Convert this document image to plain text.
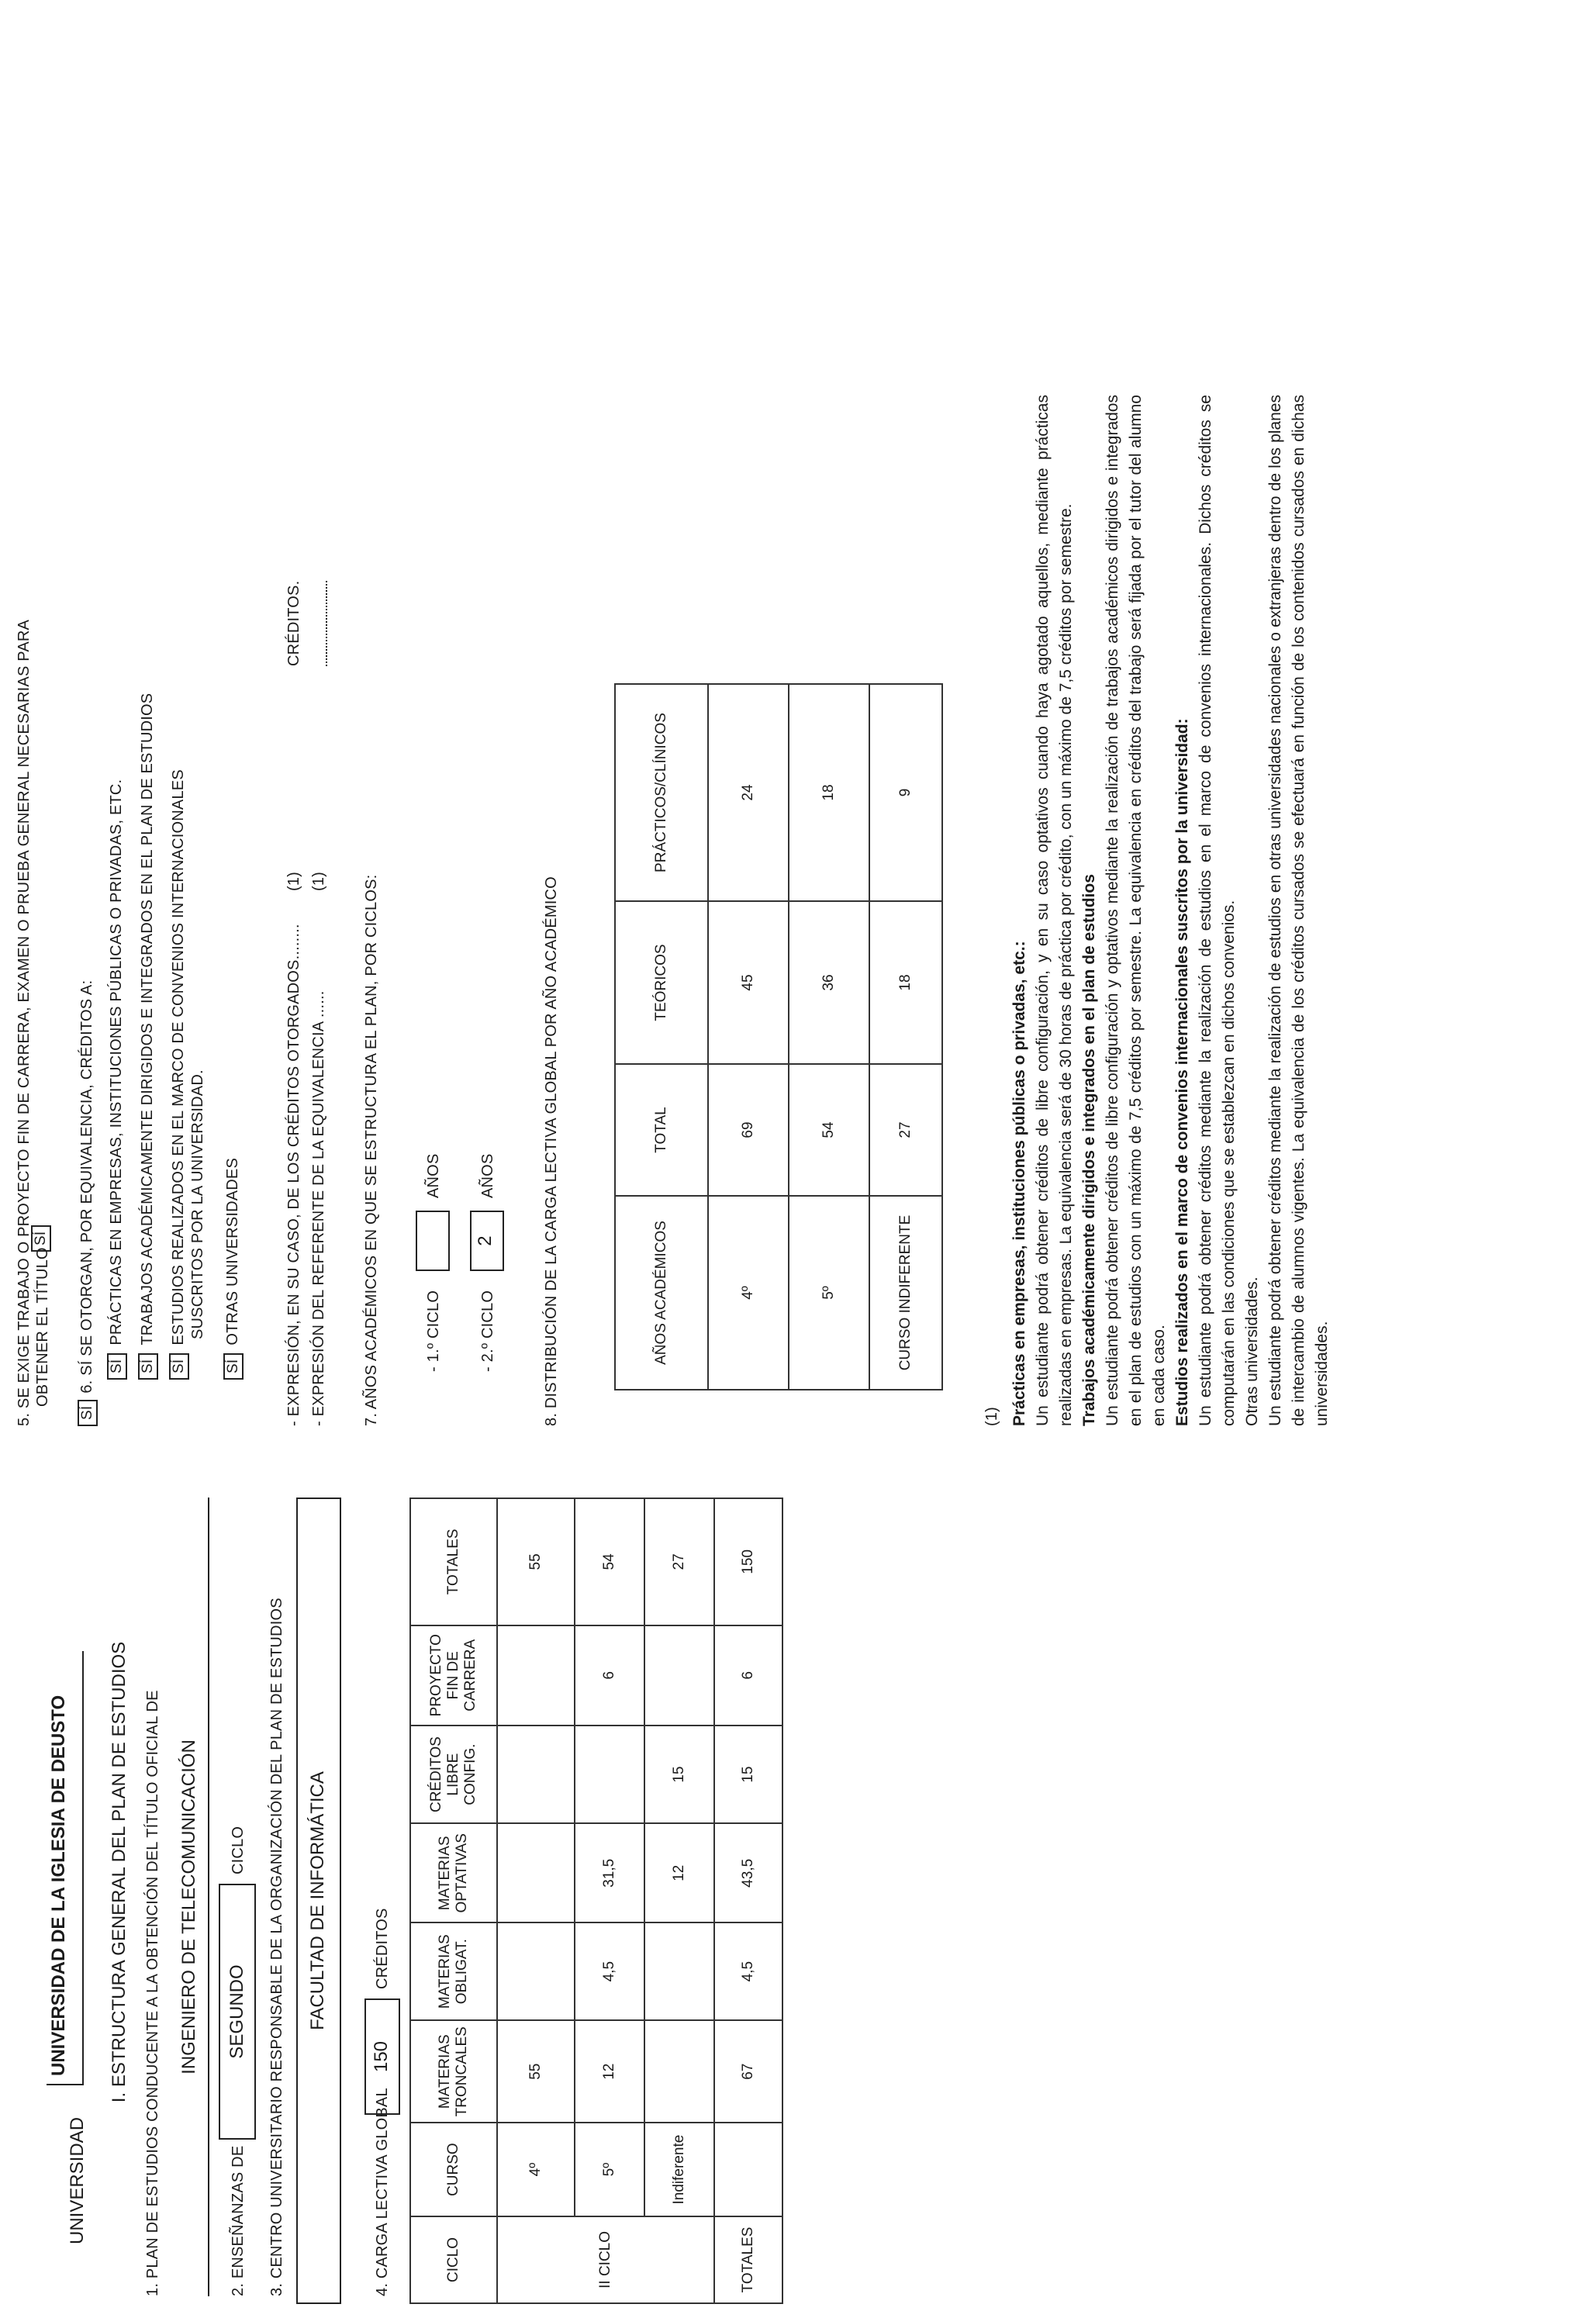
UNIVERSIDAD
UNIVERSIDAD DE LA IGLESIA DE DEUSTO I. ESTRUCTURA GENERAL DEL PLAN DE ESTUDIOS 1. PLAN DE ESTUDIOS CONDUCENTE A LA OBTENCIÓN DEL TÍTULO OFICIAL DE INGENIERO DE TELECOMUNICACIÓN
2. ENSEÑANZAS DE
SEGUNDO
CICLO 3. CENTRO UNIVERSITARIO RESPONSABLE DE LA ORGANIZACIÓN DEL PLAN DE ESTUDIOS FACULTAD DE INFORMÁTICA
4. CARGA LECTIVA GLOBAL
150
CRÉDITOS
CICLO	CURSO	MATERIAS TRONCALES	MATERIAS OBLIGAT.	MATERIAS OPTATIVAS	CRÉDITOS LIBRE CONFIG.	PROYECTO FIN DE CARRERA	TOTALES
II CICLO	4º	55					55
	5º	12	4,5	31,5		6	54
	Indiferente			12	15		27
TOTALES		67	4,5	43,5	15	6	150
5. SE EXIGE TRABAJO O PROYECTO FIN DE CARRERA, EXAMEN O PRUEBA GENERAL NECESARIAS PARA OBTENER EL TÍTULO
SÍ
SÍ6. SÍ SE OTORGAN, POR EQUIVALENCIA, CRÉDITOS A: SÍPRÁCTICAS EN EMPRESAS, INSTITUCIONES PÚBLICAS O PRIVADAS, ETC.
SÍTRABAJOS ACADÉMICAMENTE DIRIGIDOS E INTEGRADOS EN EL PLAN DE ESTUDIOS
SÍESTUDIOS REALIZADOS EN EL MARCO DE CONVENIOS INTERNACIONALES SUSCRITOS POR LA UNIVERSIDAD.
SÍOTRAS UNIVERSIDADES	- EXPRESIÓN, EN SU CASO, DE LOS CRÉDITOS OTORGADOS........
(1)
CRÉDITOS.
- EXPRESIÓN DEL REFERENTE DE LA EQUIVALENCIA ......
(1) 7. AÑOS ACADÉMICOS EN QUE SE ESTRUCTURA EL PLAN, POR CICLOS:	- 1.º CICLO
AÑOS
- 2.º CICLO
2
AÑOS	8. DISTRIBUCIÓN DE LA CARGA LECTIVA GLOBAL POR AÑO ACADÉMICO	AÑOS ACADÉMICOS	TOTAL	TEÓRICOS	PRÁCTICOS/CLÍNICOS
4º	69	45	24
5º	54	36	18
CURSO INDIFERENTE	27	18	9
(1) Prácticas en empresas, instituciones públicas o privadas, etc.: Un estudiante podrá obtener créditos de libre configuración, y en su caso optativos cuando haya agotado aquellos, mediante prácticas realizadas en empresas. La equivalencia será de 30 horas de práctica por crédito, con un máximo de 7,5 créditos por semestre. Trabajos académicamente dirigidos e integrados en el plan de estudios Un estudiante podrá obtener créditos de libre configuración y optativos mediante la realización de trabajos académicos dirigidos e integrados en el plan de estudios con un máximo de 7,5 créditos por semestre. La equivalencia en créditos del trabajo será fijada por el tutor del alumno en cada caso. Estudios realizados en el marco de convenios internacionales suscritos por la universidad: Un estudiante podrá obtener créditos mediante la realización de estudios en el marco de convenios internacionales. Dichos créditos se computarán en las condiciones que se establezcan en dichos convenios. Otras universidades. Un estudiante podrá obtener créditos mediante la realización de estudios en otras universidades nacionales o extranjeras dentro de los planes de intercambio de alumnos vigentes. La equivalencia de los créditos cursados se efectuará en función de los contenidos cursados en dichas universidades.
